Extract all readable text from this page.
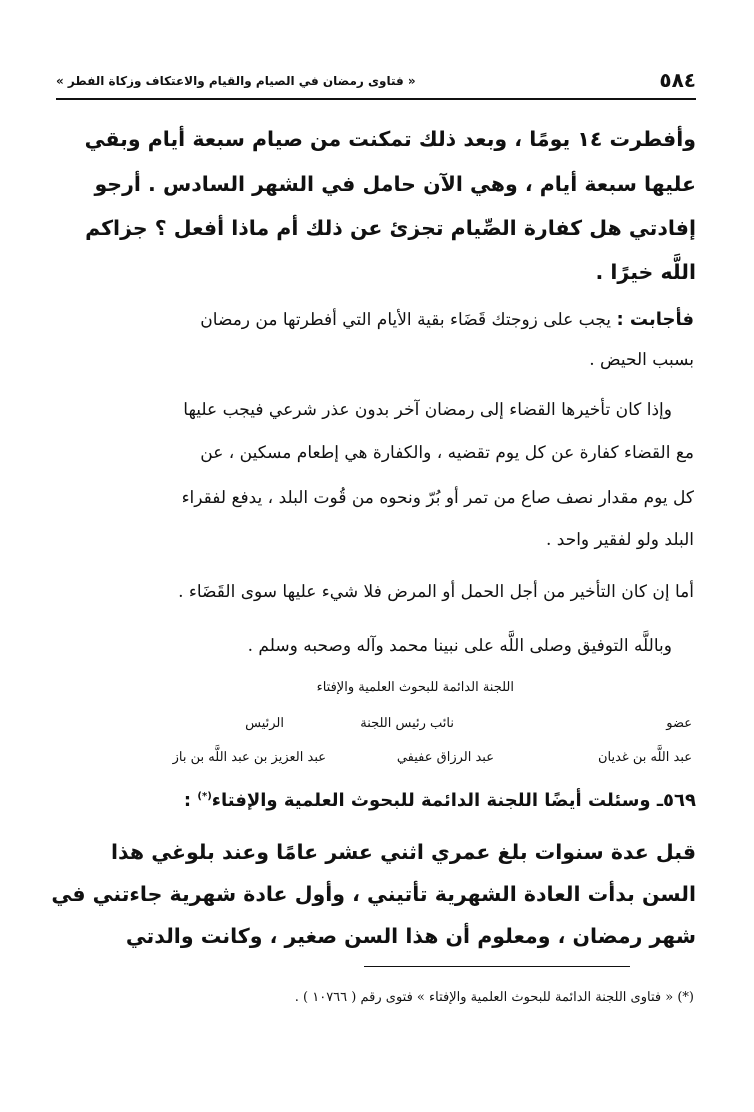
٥٨٤
« فتاوى رمضان في الصيام والقيام والاعتكاف وزكاة الفطر »
وأفطرت ١٤ يومًا ، وبعد ذلك تمكنت من صيام سبعة أيام وبقي
عليها سبعة أيام ، وهي الآن حامل في الشهر السادس . أرجو
إفادتي هل كفارة الصِّيام تجزئ عن ذلك أم ماذا أفعل ؟ جزاكم
اللَّه خيرًا .
فأجابت : يجب على زوجتك قَضَاء بقية الأيام التي أفطرتها من رمضان
بسبب الحيض .
وإذا كان تأخيرها القضاء إلى رمضان آخر بدون عذر شرعي فيجب عليها
مع القضاء كفارة عن كل يوم تقضيه ، والكفارة هي إطعام مسكين ، عن
كل يوم مقدار نصف صاع من تمر أو بُرّ ونحوه من قُوت البلد ، يدفع لفقراء
البلد ولو لفقير واحد .
أما إن كان التأخير من أجل الحمل أو المرض فلا شيء عليها سوى القَضَاء .
وباللَّه التوفيق وصلى اللَّه على نبينا محمد وآله وصحبه وسلم .
اللجنة الدائمة للبحوث العلمية والإفتاء
عضو
نائب رئيس اللجنة
الرئيس
عبد اللَّه بن غديان
عبد الرزاق عفيفي
عبد العزيز بن عبد اللَّه بن باز
٥٦٩ـ وسئلت أيضًا اللجنة الدائمة للبحوث العلمية والإفتاء(*) :
قبل عدة سنوات بلغ عمري اثني عشر عامًا وعند بلوغي هذا
السن بدأت العادة الشهرية تأتيني ، وأول عادة شهرية جاءتني في
شهر رمضان ، ومعلوم أن هذا السن صغير ، وكانت والدتي
(*) « فتاوى اللجنة الدائمة للبحوث العلمية والإفتاء » فتوى رقم ( ١٠٧٦٦ ) .
